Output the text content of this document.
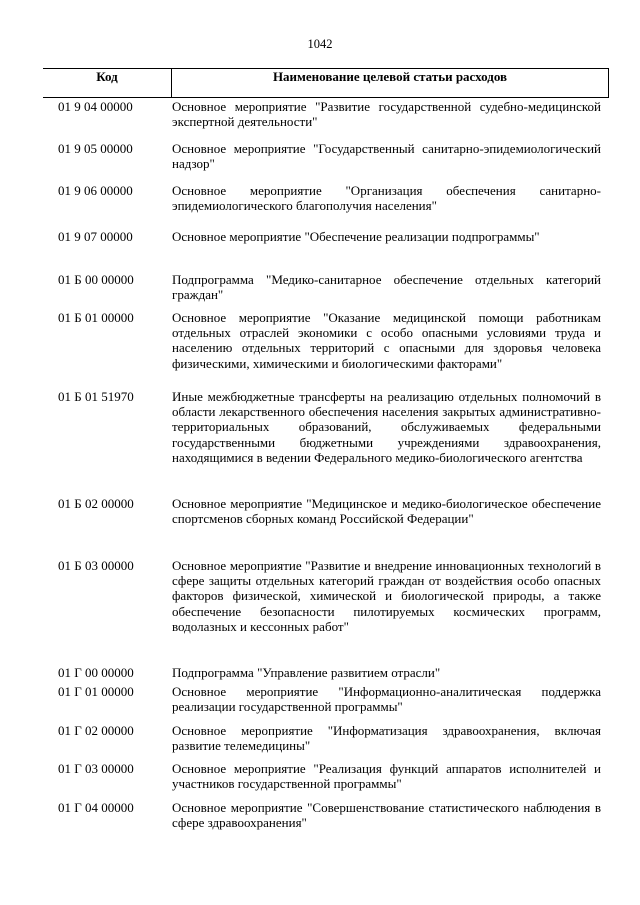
1042
Код	Наименование целевой статьи расходов
01 9 04 00000	Основное мероприятие "Развитие государственной судебно-медицинской экспертной деятельности"
01 9 05 00000	Основное мероприятие "Государственный санитарно-эпидемиологический надзор"
01 9 06 00000	Основное мероприятие "Организация обеспечения санитарно-эпидемиологического благополучия населения"
01 9 07 00000	Основное мероприятие "Обеспечение реализации подпрограммы"
01 Б 00 00000	Подпрограмма "Медико-санитарное обеспечение отдельных категорий граждан"
01 Б 01 00000	Основное мероприятие "Оказание медицинской помощи работникам отдельных отраслей экономики с особо опасными условиями труда и населению отдельных территорий с опасными для здоровья человека физическими, химическими и биологическими факторами"
01 Б 01 51970	Иные межбюджетные трансферты на реализацию отдельных полномочий в области лекарственного обеспечения населения закрытых административно-территориальных образований, обслуживаемых федеральными государственными бюджетными учреждениями здравоохранения, находящимися в ведении Федерального медико-биологического агентства
01 Б 02 00000	Основное мероприятие "Медицинское и медико-биологическое обеспечение спортсменов сборных команд Российской Федерации"
01 Б 03 00000	Основное мероприятие "Развитие и внедрение инновационных технологий в сфере защиты отдельных категорий граждан от воздействия особо опасных факторов физической, химической и биологической природы, а также обеспечение безопасности пилотируемых космических программ, водолазных и кессонных работ"
01 Г 00 00000	Подпрограмма "Управление развитием отрасли"
01 Г 01 00000	Основное мероприятие "Информационно-аналитическая поддержка реализации государственной программы"
01 Г 02 00000	Основное мероприятие "Информатизация здравоохранения, включая развитие телемедицины"
01 Г 03 00000	Основное мероприятие "Реализация функций аппаратов исполнителей и участников государственной программы"
01 Г 04 00000	Основное мероприятие "Совершенствование статистического наблюдения в сфере здравоохранения"
